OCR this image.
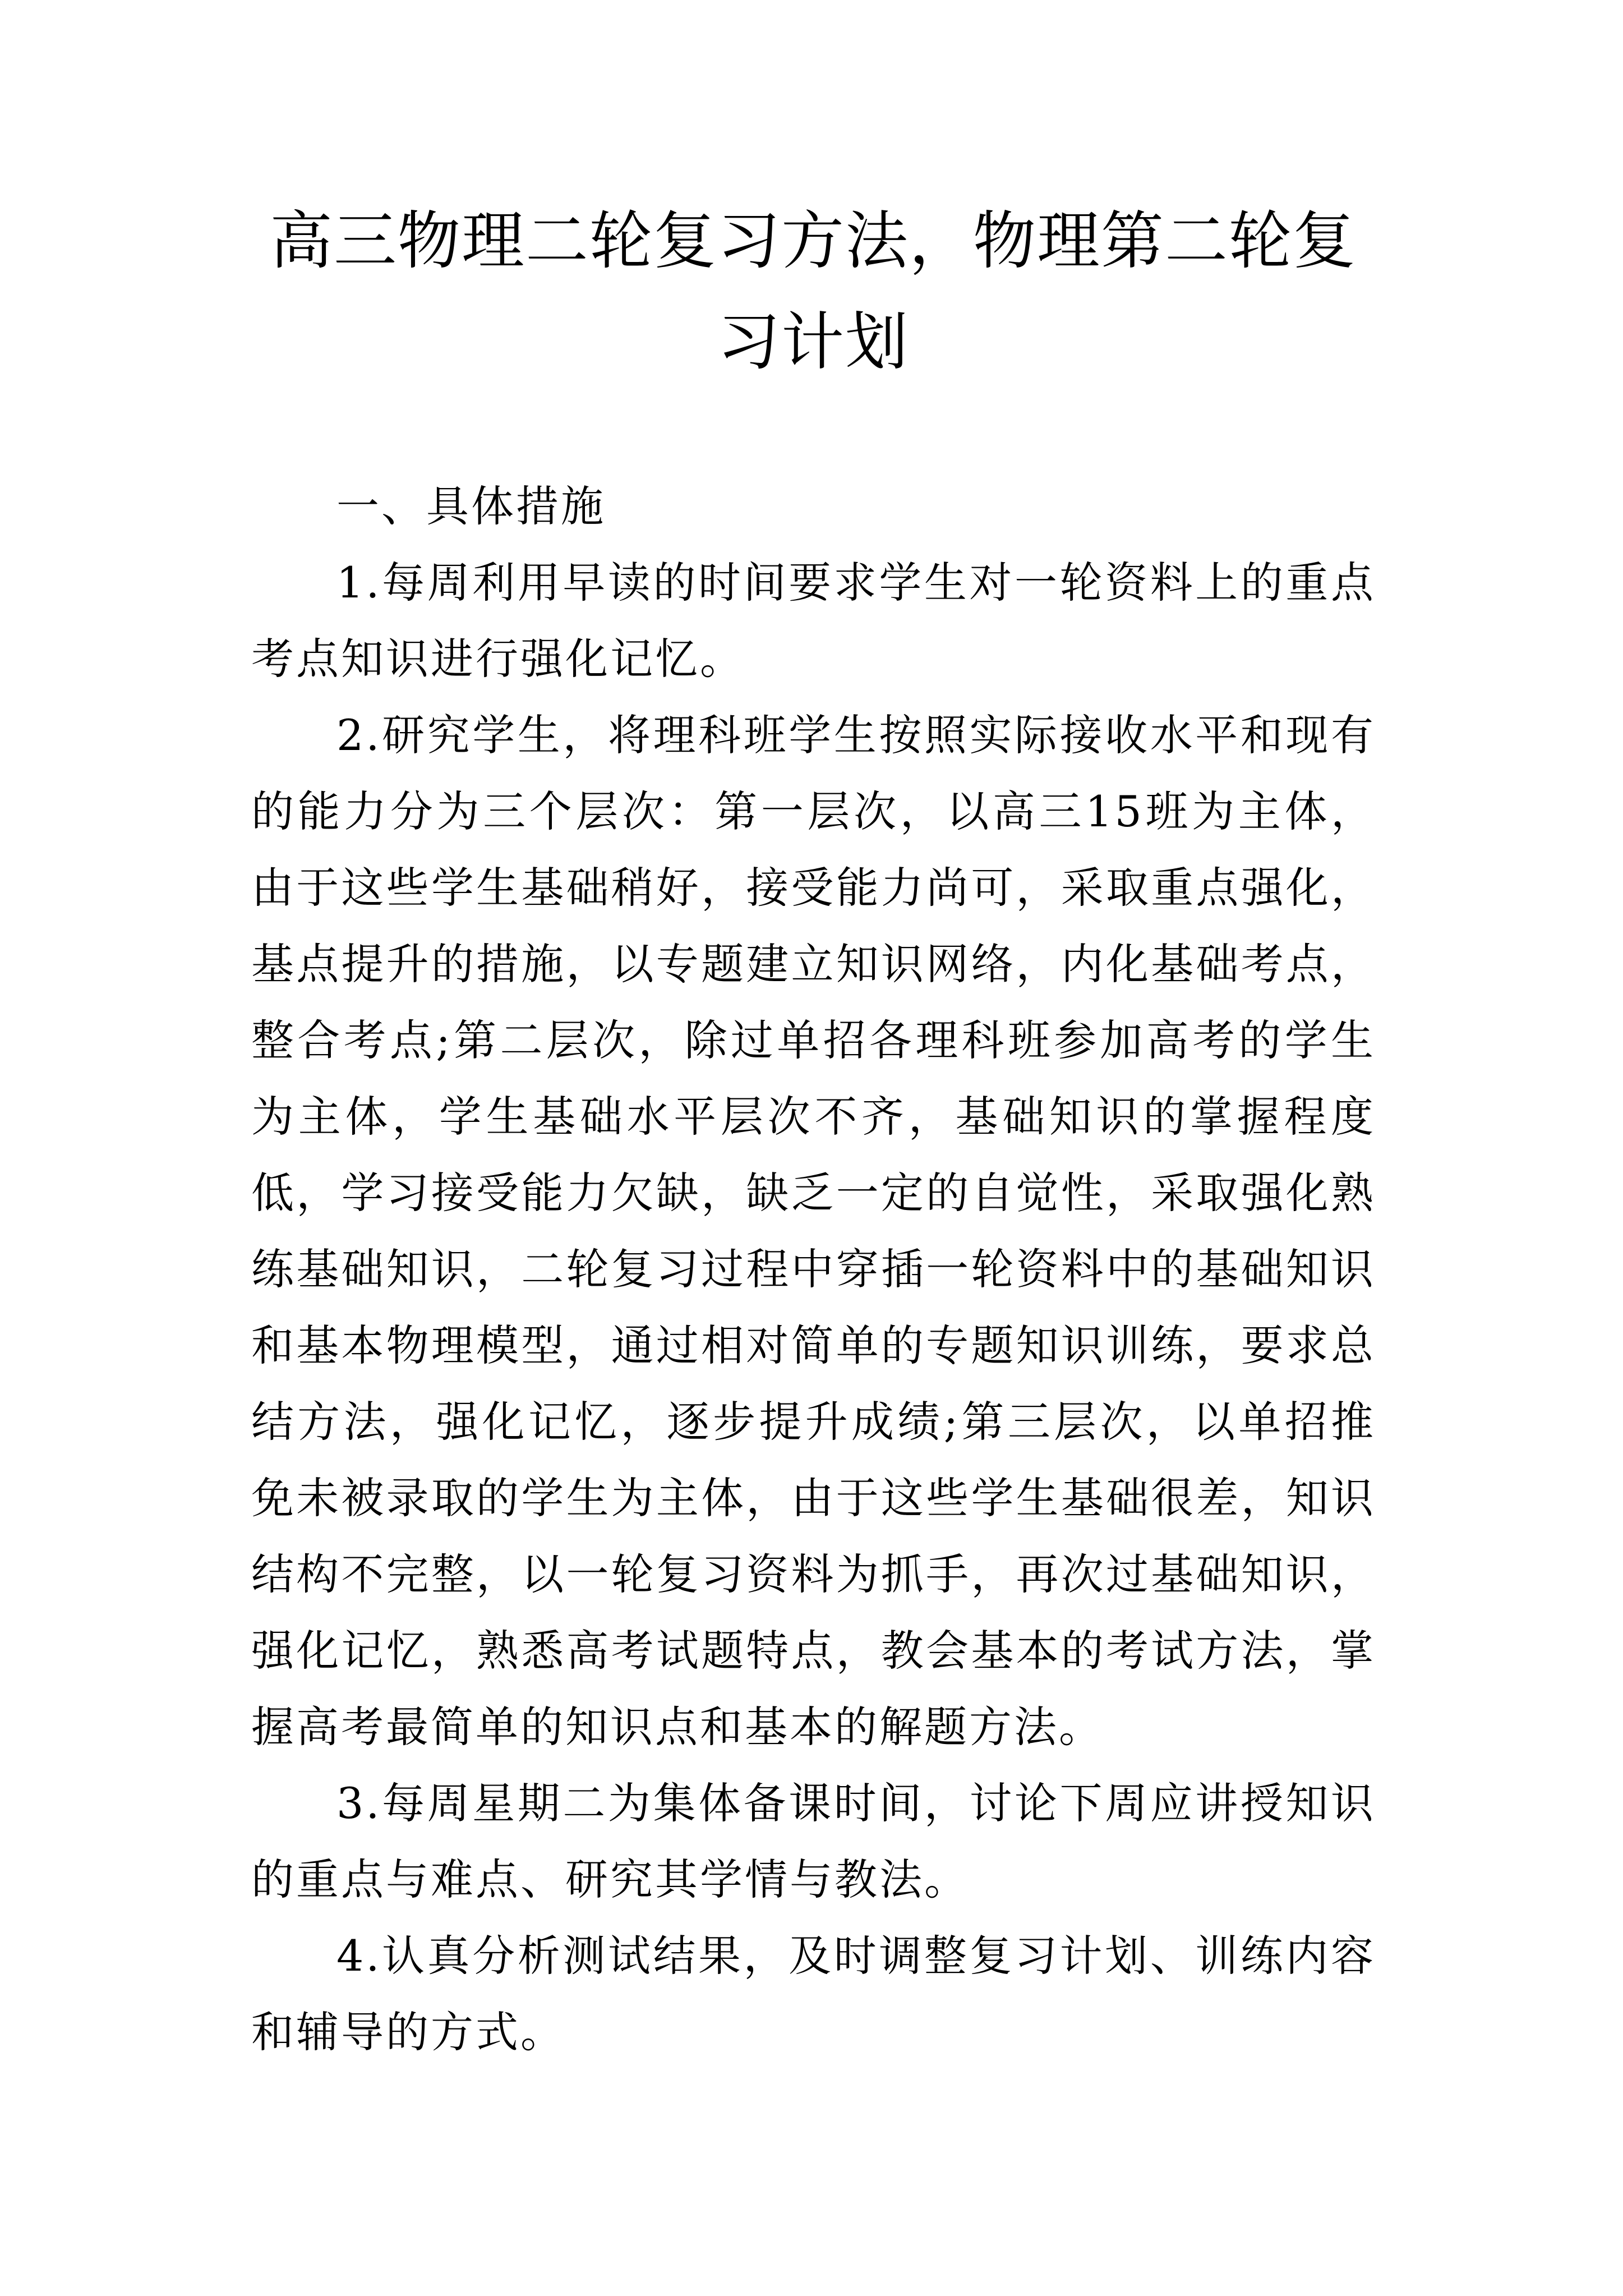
高三物理二轮复习方法，物理第二轮复习计划

一、具体措施

1.每周利用早读的时间要求学生对一轮资料上的重点考点知识进行强化记忆。

2.研究学生，将理科班学生按照实际接收水平和现有的能力分为三个层次：第一层次，以高三15班为主体，由于这些学生基础稍好，接受能力尚可，采取重点强化，基点提升的措施，以专题建立知识网络，内化基础考点，整合考点;第二层次，除过单招各理科班参加高考的学生为主体，学生基础水平层次不齐，基础知识的掌握程度低，学习接受能力欠缺，缺乏一定的自觉性，采取强化熟练基础知识，二轮复习过程中穿插一轮资料中的基础知识和基本物理模型，通过相对简单的专题知识训练，要求总结方法，强化记忆，逐步提升成绩;第三层次，以单招推免未被录取的学生为主体，由于这些学生基础很差，知识结构不完整，以一轮复习资料为抓手，再次过基础知识，强化记忆，熟悉高考试题特点，教会基本的考试方法，掌握高考最简单的知识点和基本的解题方法。

3.每周星期二为集体备课时间，讨论下周应讲授知识的重点与难点、研究其学情与教法。

4.认真分析测试结果，及时调整复习计划、训练内容和辅导的方式。
